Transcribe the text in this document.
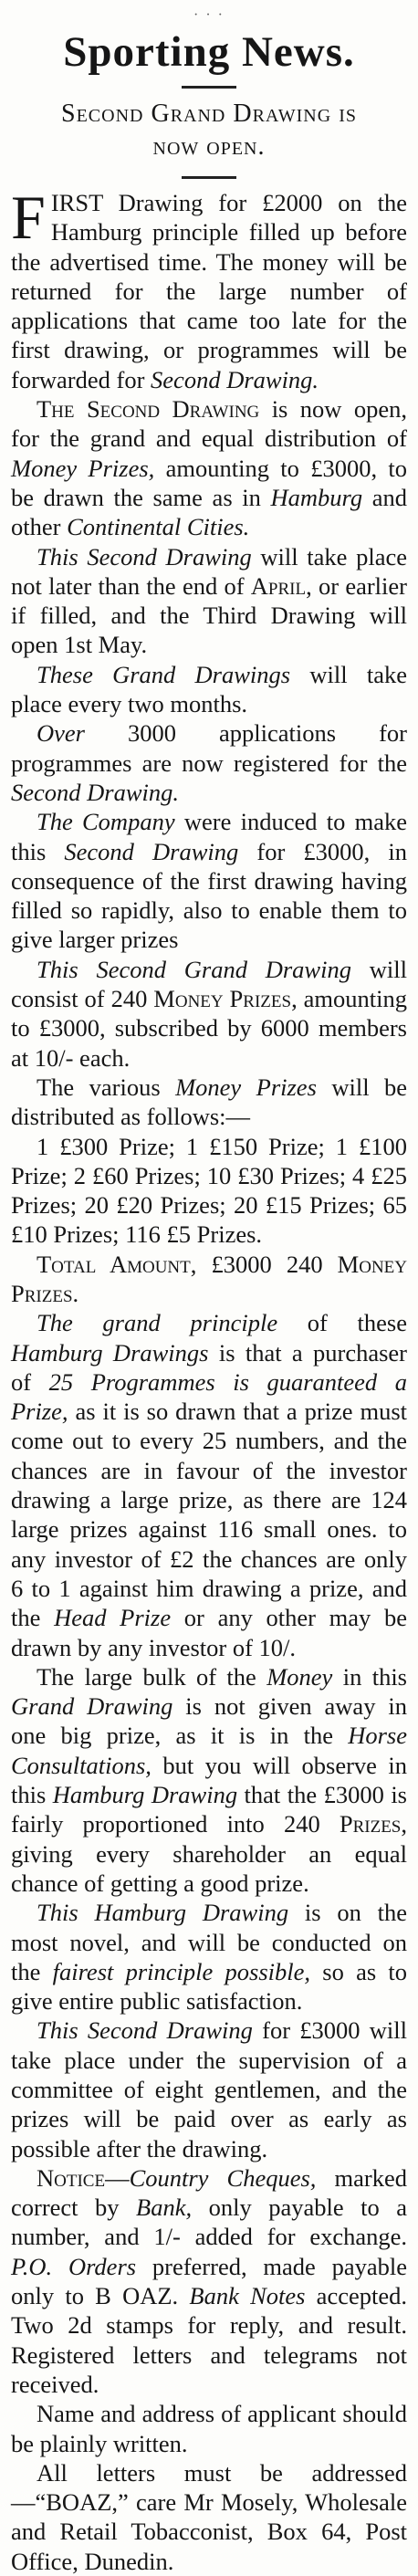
· · ·
Sporting News.
Second Grand Drawing is
now open.

FIRST Drawing for £2000 on the Hamburg principle filled up before the advertised time. The money will be returned for the large number of applications that came too late for the first drawing, or programmes will be forwarded for Second Drawing.

The Second Drawing is now open, for the grand and equal distribution of Money Prizes, amounting to £3000, to be drawn the same as in Hamburg and other Continental Cities.

This Second Drawing will take place not later than the end of April, or earlier if filled, and the Third Drawing will open 1st May.

These Grand Drawings will take place every two months.

Over 3000 applications for programmes are now registered for the Second Drawing.

The Company were induced to make this Second Drawing for £3000, in consequence of the first drawing having filled so rapidly, also to enable them to give larger prizes

This Second Grand Drawing will consist of 240 Money Prizes, amounting to £3000, subscribed by 6000 members at 10/- each.

The various Money Prizes will be distributed as follows:—

1 £300 Prize; 1 £150 Prize; 1 £100 Prize; 2 £60 Prizes; 10 £30 Prizes; 4 £25 Prizes; 20 £20 Prizes; 20 £15 Prizes; 65 £10 Prizes; 116 £5 Prizes.

Total Amount, £3000 240 Money Prizes.

The grand principle of these Hamburg Drawings is that a purchaser of 25 Programmes is guaranteed a Prize, as it is so drawn that a prize must come out to every 25 numbers, and the chances are in favour of the investor drawing a large prize, as there are 124 large prizes against 116 small ones. to any investor of £2 the chances are only 6 to 1 against him drawing a prize, and the Head Prize or any other may be drawn by any investor of 10/.

The large bulk of the Money in this Grand Drawing is not given away in one big prize, as it is in the Horse Consultations, but you will observe in this Hamburg Drawing that the £3000 is fairly proportioned into 240 Prizes, giving every shareholder an equal chance of getting a good prize.

This Hamburg Drawing is on the most novel, and will be conducted on the fairest principle possible, so as to give entire public satisfaction.

This Second Drawing for £3000 will take place under the supervision of a committee of eight gentlemen, and the prizes will be paid over as early as possible after the drawing.

Notice—Country Cheques, marked correct by Bank, only payable to a number, and 1/- added for exchange. P.O. Orders preferred, made payable only to B OAZ. Bank Notes accepted. Two 2d stamps for reply, and result. Registered letters and telegrams not received.

Name and address of applicant should be plainly written.

All letters must be addressed—“BOAZ,” care Mr Mosely, Wholesale and Retail Tobacconist, Box 64, Post Office, Dunedin.
